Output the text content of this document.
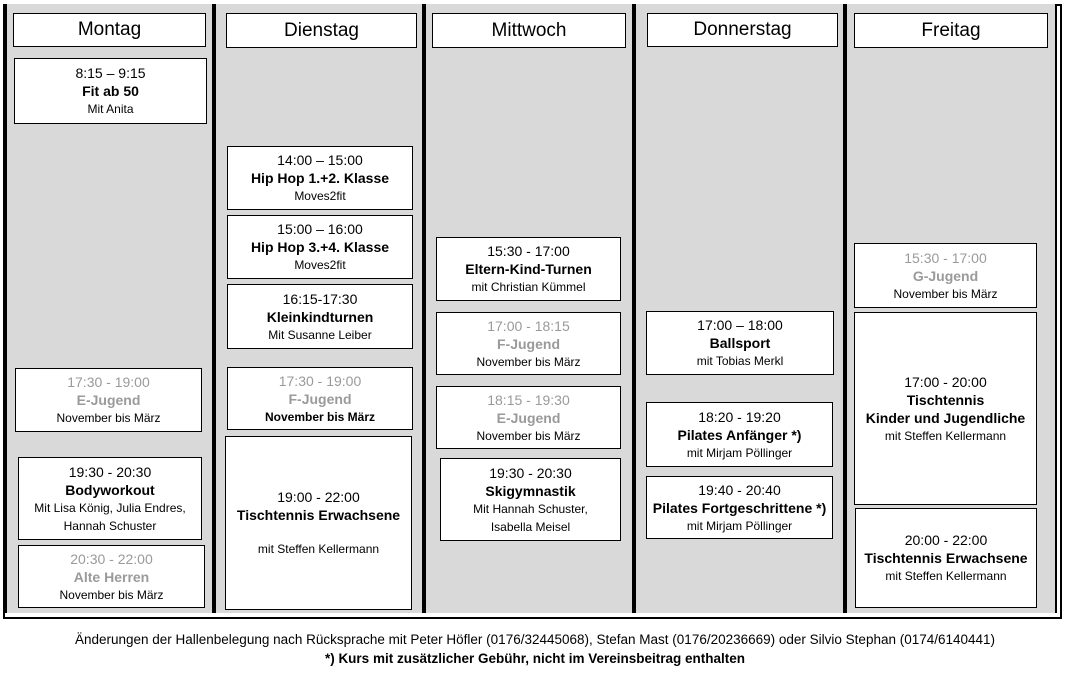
Montag	Dienstag	Mittwoch	Donnerstag	Freitag
8:15 – 9:15
Fit ab 50
Mit Anita
17:30 - 19:00
E-Jugend
November bis März
19:30 - 20:30
Bodyworkout
Mit Lisa König, Julia Endres,
Hannah Schuster
20:30 - 22:00
Alte Herren
November bis März
14:00 – 15:00
Hip Hop 1.+2. Klasse
Moves2fit
15:00 – 16:00
Hip Hop 3.+4. Klasse
Moves2fit
16:15-17:30
Kleinkindturnen
Mit Susanne Leiber
17:30 - 19:00
F-Jugend
November bis März
19:00 - 22:00
Tischtennis Erwachsene
mit Steffen Kellermann
15:30 - 17:00
Eltern-Kind-Turnen
mit Christian Kümmel
17:00 - 18:15
F-Jugend
November bis März
18:15 - 19:30
E-Jugend
November bis März
19:30 - 20:30
Skigymnastik
Mit Hannah Schuster,
Isabella Meisel
17:00 – 18:00
Ballsport
mit Tobias Merkl
18:20 - 19:20
Pilates Anfänger *)
mit Mirjam Pöllinger
19:40 - 20:40
Pilates Fortgeschrittene *)
mit Mirjam Pöllinger
15:30 - 17:00
G-Jugend
November bis März
17:00 - 20:00
Tischtennis
Kinder und Jugendliche
mit Steffen Kellermann
20:00 - 22:00
Tischtennis Erwachsene
mit Steffen Kellermann
Änderungen der Hallenbelegung nach Rücksprache mit Peter Höfler (0176/32445068), Stefan Mast (0176/20236669) oder Silvio Stephan (0174/6140441)
*) Kurs mit zusätzlicher Gebühr, nicht im Vereinsbeitrag enthalten
